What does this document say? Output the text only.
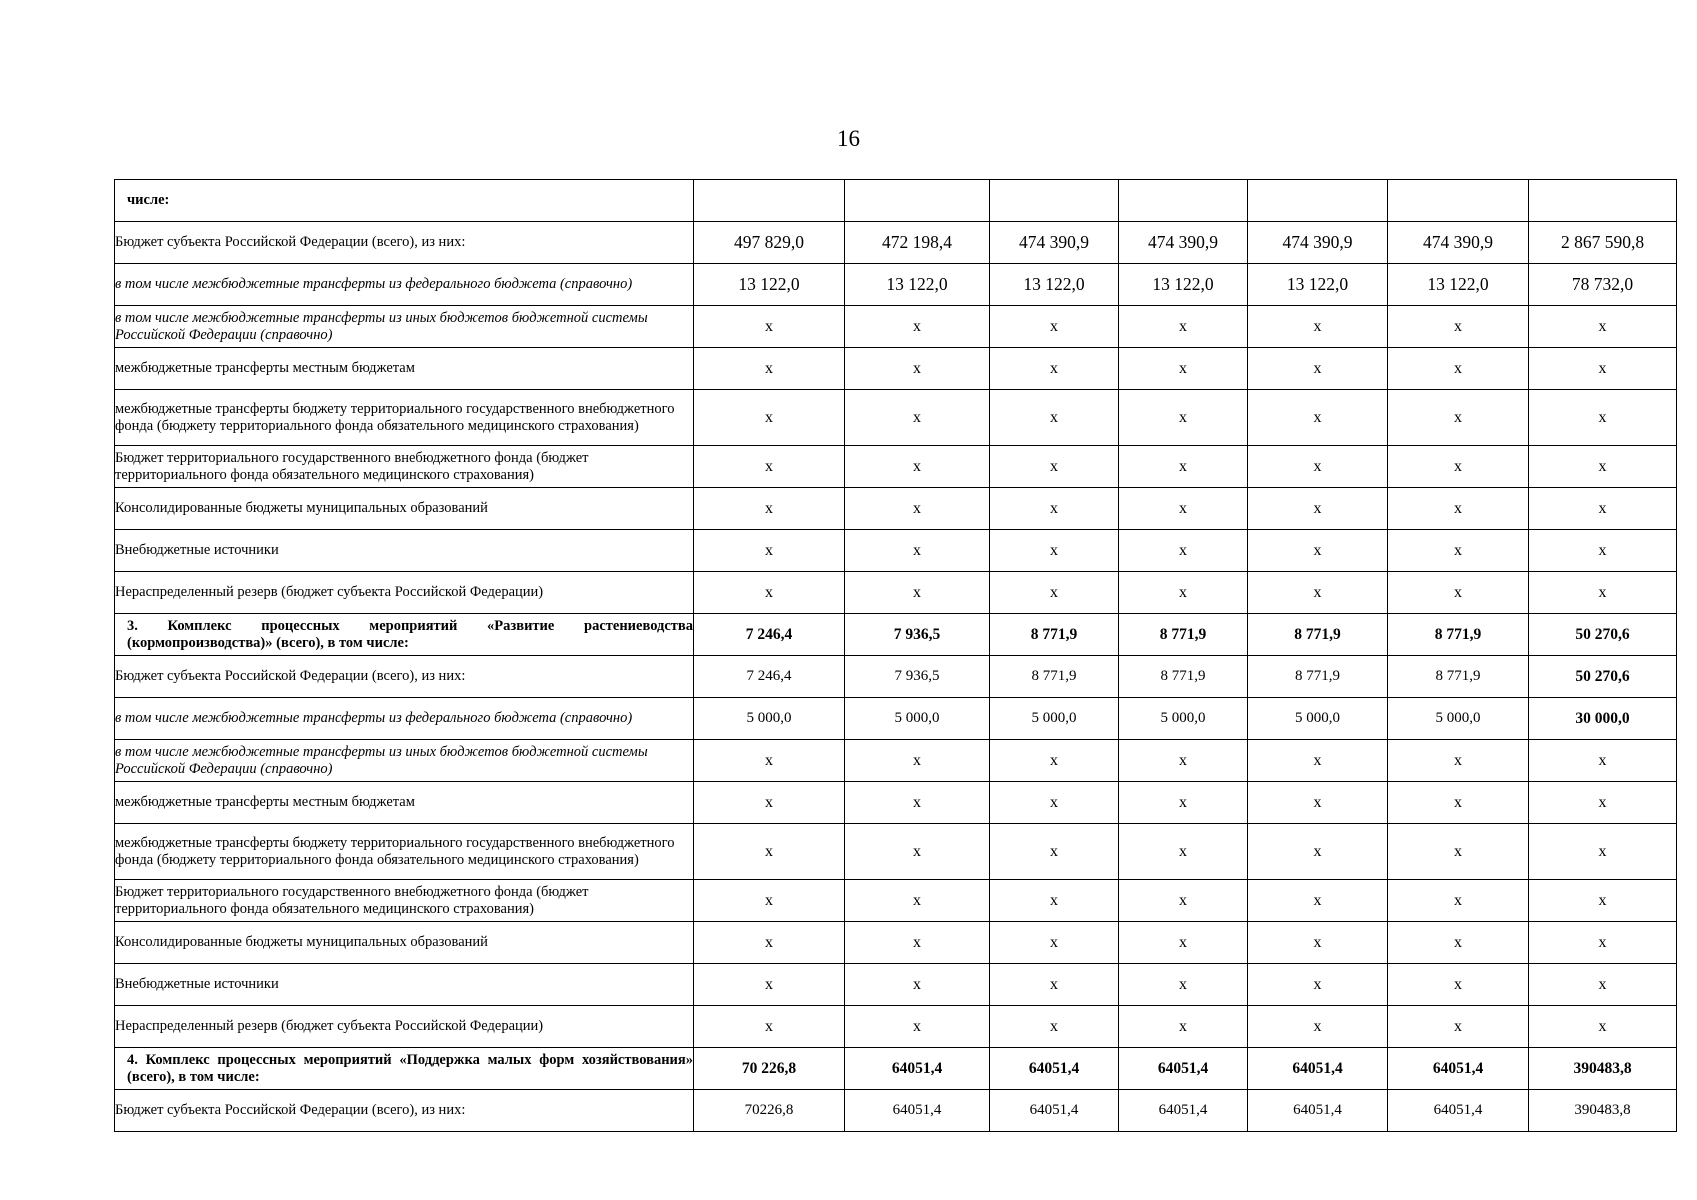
16
числе:							
Бюджет субъекта Российской Федерации (всего), из них:	497 829,0	472 198,4	474 390,9	474 390,9	474 390,9	474 390,9	2 867 590,8
в том числе межбюджетные трансферты из федерального бюджета (справочно)	13 122,0	13 122,0	13 122,0	13 122,0	13 122,0	13 122,0	78 732,0
в том числе межбюджетные трансферты из иных бюджетов бюджетной системы Российской Федерации (справочно)	х	х	х	х	х	х	х
межбюджетные трансферты местным бюджетам	х	х	х	х	х	х	х
межбюджетные трансферты бюджету территориального государственного внебюджетного фонда (бюджету территориального фонда обязательного медицинского страхования)	х	х	х	х	х	х	х
Бюджет территориального государственного внебюджетного фонда (бюджет территориального фонда обязательного медицинского страхования)	х	х	х	х	х	х	х
Консолидированные бюджеты муниципальных образований	х	х	х	х	х	х	х
Внебюджетные источники	х	х	х	х	х	х	х
Нераспределенный резерв (бюджет субъекта Российской Федерации)	х	х	х	х	х	х	х
3. Комплекс процессных мероприятий «Развитие растениеводства (кормопроизводства)» (всего), в том числе:	7 246,4	7 936,5	8 771,9	8 771,9	8 771,9	8 771,9	50 270,6
Бюджет субъекта Российской Федерации (всего), из них:	7 246,4	7 936,5	8 771,9	8 771,9	8 771,9	8 771,9	50 270,6
в том числе межбюджетные трансферты из федерального бюджета (справочно)	5 000,0	5 000,0	5 000,0	5 000,0	5 000,0	5 000,0	30 000,0
в том числе межбюджетные трансферты из иных бюджетов бюджетной системы Российской Федерации (справочно)	х	х	х	х	х	х	х
межбюджетные трансферты местным бюджетам	х	х	х	х	х	х	х
межбюджетные трансферты бюджету территориального государственного внебюджетного фонда (бюджету территориального фонда обязательного медицинского страхования)	х	х	х	х	х	х	х
Бюджет территориального государственного внебюджетного фонда (бюджет территориального фонда обязательного медицинского страхования)	х	х	х	х	х	х	х
Консолидированные бюджеты муниципальных образований	х	х	х	х	х	х	х
Внебюджетные источники	х	х	х	х	х	х	х
Нераспределенный резерв (бюджет субъекта Российской Федерации)	х	х	х	х	х	х	х
4. Комплекс процессных мероприятий «Поддержка малых форм хозяйствования» (всего), в том числе:	70 226,8	64051,4	64051,4	64051,4	64051,4	64051,4	390483,8
Бюджет субъекта Российской Федерации (всего), из них:	70226,8	64051,4	64051,4	64051,4	64051,4	64051,4	390483,8
